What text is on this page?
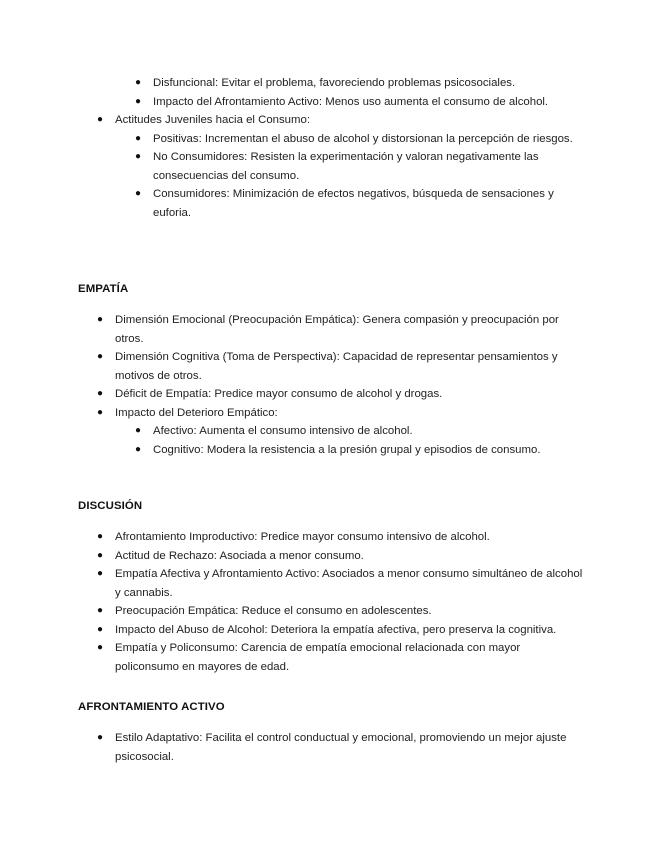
● Disfuncional: Evitar el problema, favoreciendo problemas psicosociales.
● Impacto del Afrontamiento Activo: Menos uso aumenta el consumo de alcohol.
● Actitudes Juveniles hacia el Consumo:
● Positivas: Incrementan el abuso de alcohol y distorsionan la percepción de riesgos.
● No Consumidores: Resisten la experimentación y valoran negativamente las consecuencias del consumo.
● Consumidores: Minimización de efectos negativos, búsqueda de sensaciones y euforia.
EMPATÍA
● Dimensión Emocional (Preocupación Empática): Genera compasión y preocupación por otros.
● Dimensión Cognitiva (Toma de Perspectiva): Capacidad de representar pensamientos y motivos de otros.
● Déficit de Empatía: Predice mayor consumo de alcohol y drogas.
● Impacto del Deterioro Empático:
● Afectivo: Aumenta el consumo intensivo de alcohol.
● Cognitivo: Modera la resistencia a la presión grupal y episodios de consumo.
DISCUSIÓN
● Afrontamiento Improductivo: Predice mayor consumo intensivo de alcohol.
● Actitud de Rechazo: Asociada a menor consumo.
● Empatía Afectiva y Afrontamiento Activo: Asociados a menor consumo simultáneo de alcohol y cannabis.
● Preocupación Empática: Reduce el consumo en adolescentes.
● Impacto del Abuso de Alcohol: Deteriora la empatía afectiva, pero preserva la cognitiva.
● Empatía y Policonsumo: Carencia de empatía emocional relacionada con mayor policonsumo en mayores de edad.
AFRONTAMIENTO ACTIVO
● Estilo Adaptativo: Facilita el control conductual y emocional, promoviendo un mejor ajuste psicosocial.
